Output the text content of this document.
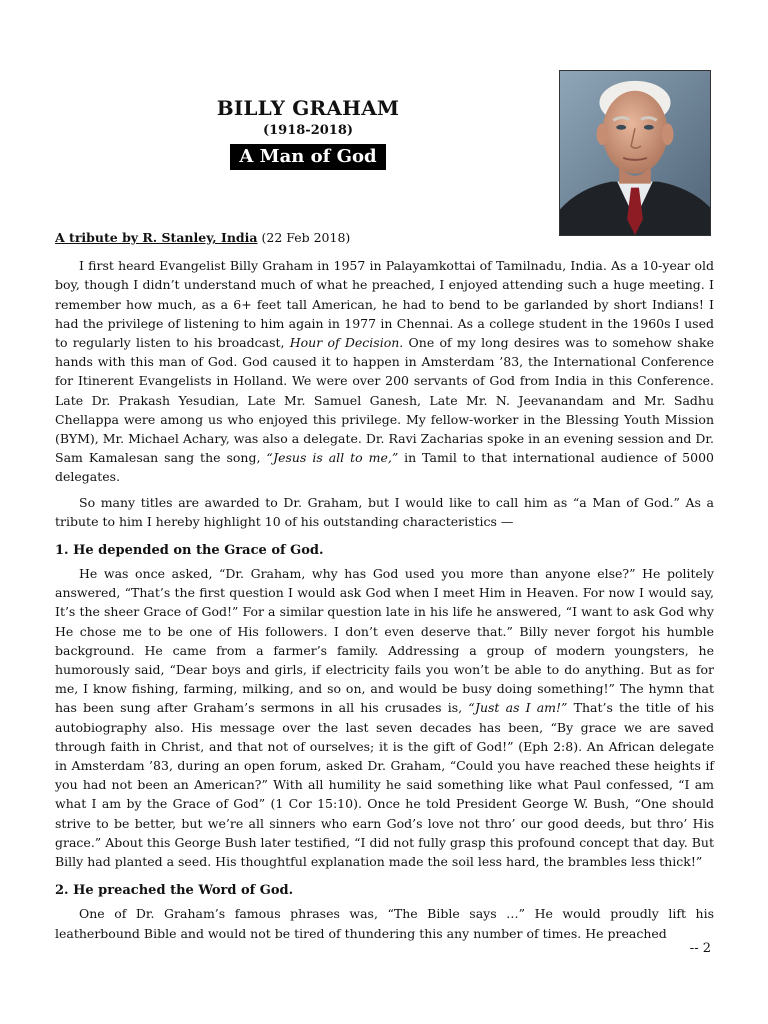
BILLY GRAHAM
(1918-2018)
A Man of God
A tribute by R. Stanley, India (22 Feb 2018)

I first heard Evangelist Billy Graham in 1957 in Palayamkottai of Tamilnadu, India. As a 10-year old boy, though I didn’t understand much of what he preached, I enjoyed attending such a huge meeting. I remember how much, as a 6+ feet tall American, he had to bend to be garlanded by short Indians! I had the privilege of listening to him again in 1977 in Chennai. As a college student in the 1960s I used to regularly listen to his broadcast, Hour of Decision. One of my long desires was to somehow shake hands with this man of God. God caused it to happen in Amsterdam ’83, the International Conference for Itinerent Evangelists in Holland. We were over 200 servants of God from India in this Conference. Late Dr. Prakash Yesudian, Late Mr. Samuel Ganesh, Late Mr. N. Jeevanandam and Mr. Sadhu Chellappa were among us who enjoyed this privilege. My fellow-worker in the Blessing Youth Mission (BYM), Mr. Michael Achary, was also a delegate. Dr. Ravi Zacharias spoke in an evening session and Dr. Sam Kamalesan sang the song, “Jesus is all to me,” in Tamil to that international audience of 5000 delegates.

So many titles are awarded to Dr. Graham, but I would like to call him as “a Man of God.” As a tribute to him I hereby highlight 10 of his outstanding characteristics —

1. He depended on the Grace of God.

He was once asked, “Dr. Graham, why has God used you more than anyone else?” He politely answered, “That’s the first question I would ask God when I meet Him in Heaven. For now I would say, It’s the sheer Grace of God!” For a similar question late in his life he answered, “I want to ask God why He chose me to be one of His followers. I don’t even deserve that.” Billy never forgot his humble background. He came from a farmer’s family. Addressing a group of modern youngsters, he humorously said, “Dear boys and girls, if electricity fails you won’t be able to do anything. But as for me, I know fishing, farming, milking, and so on, and would be busy doing something!” The hymn that has been sung after Graham’s sermons in all his crusades is, “Just as I am!” That’s the title of his autobiography also. His message over the last seven decades has been, “By grace we are saved through faith in Christ, and that not of ourselves; it is the gift of God!” (Eph 2:8). An African delegate in Amsterdam ’83, during an open forum, asked Dr. Graham, “Could you have reached these heights if you had not been an American?” With all humility he said something like what Paul confessed, “I am what I am by the Grace of God” (1 Cor 15:10). Once he told President George W. Bush, “One should strive to be better, but we’re all sinners who earn God’s love not thro’ our good deeds, but thro’ His grace.” About this George Bush later testified, “I did not fully grasp this profound concept that day. But Billy had planted a seed. His thoughtful explanation made the soil less hard, the brambles less thick!”

2. He preached the Word of God.

One of Dr. Graham’s famous phrases was, “The Bible says …” He would proudly lift his leatherbound Bible and would not be tired of thundering this any number of times. He preached

-- 2
